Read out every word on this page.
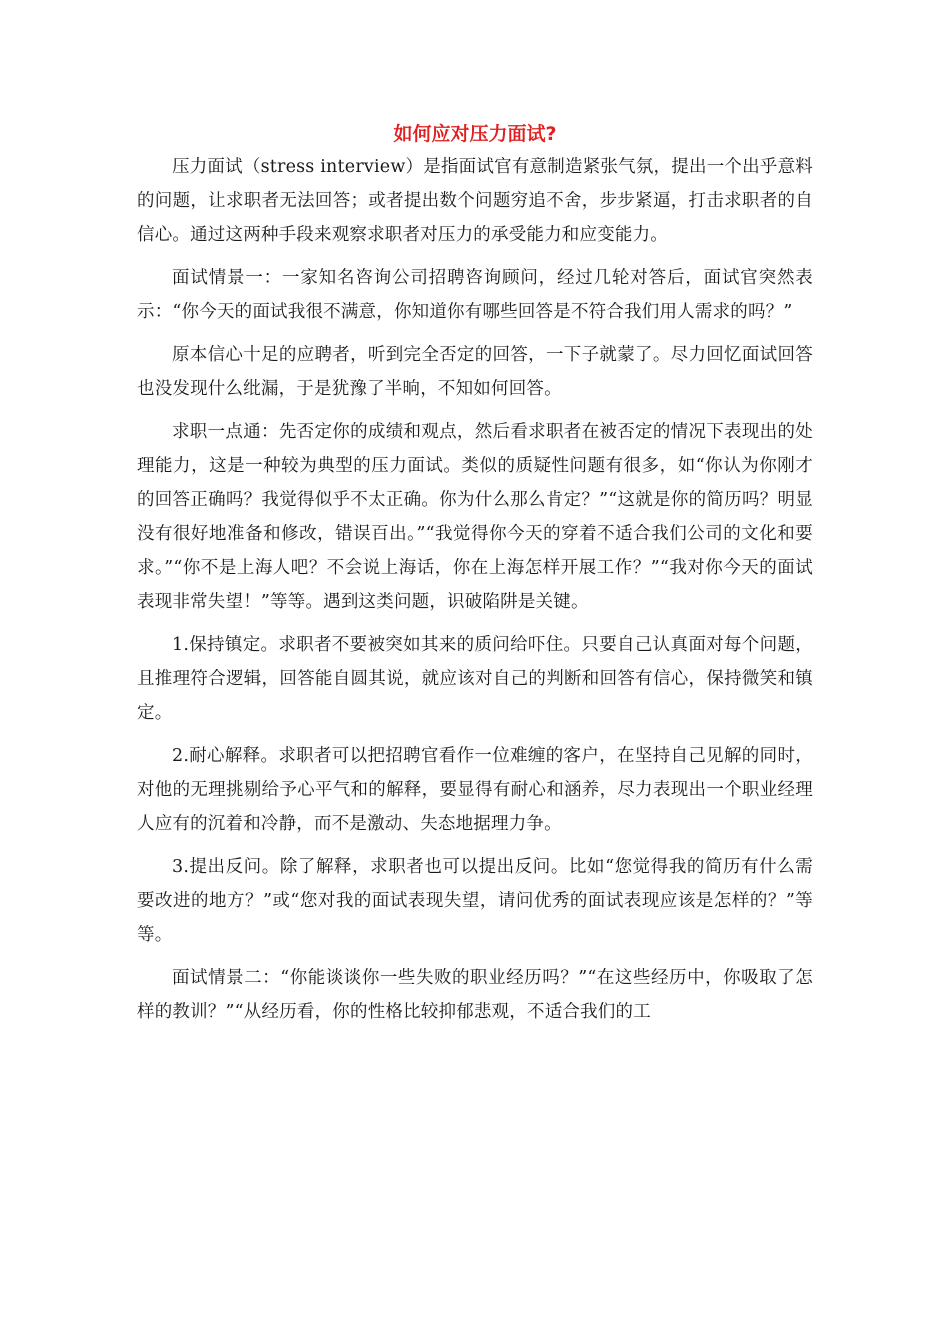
如何应对压力面试?

压力面试（stress interview）是指面试官有意制造紧张气氛，提出一个出乎意料的问题，让求职者无法回答；或者提出数个问题穷追不舍，步步紧逼，打击求职者的自信心。通过这两种手段来观察求职者对压力的承受能力和应变能力。

面试情景一：一家知名咨询公司招聘咨询顾问，经过几轮对答后，面试官突然表示：“你今天的面试我很不满意，你知道你有哪些回答是不符合我们用人需求的吗？”

原本信心十足的应聘者，听到完全否定的回答，一下子就蒙了。尽力回忆面试回答也没发现什么纰漏，于是犹豫了半晌，不知如何回答。

求职一点通：先否定你的成绩和观点，然后看求职者在被否定的情况下表现出的处理能力，这是一种较为典型的压力面试。类似的质疑性问题有很多，如“你认为你刚才的回答正确吗？我觉得似乎不太正确。你为什么那么肯定？”“这就是你的简历吗？明显没有很好地准备和修改，错误百出。”“我觉得你今天的穿着不适合我们公司的文化和要求。”“你不是上海人吧？不会说上海话，你在上海怎样开展工作？”“我对你今天的面试表现非常失望！”等等。遇到这类问题，识破陷阱是关键。

1.保持镇定。求职者不要被突如其来的质问给吓住。只要自己认真面对每个问题，且推理符合逻辑，回答能自圆其说，就应该对自己的判断和回答有信心，保持微笑和镇定。

2.耐心解释。求职者可以把招聘官看作一位难缠的客户，在坚持自己见解的同时，对他的无理挑剔给予心平气和的解释，要显得有耐心和涵养，尽力表现出一个职业经理人应有的沉着和冷静，而不是激动、失态地据理力争。

3.提出反问。除了解释，求职者也可以提出反问。比如“您觉得我的简历有什么需要改进的地方？”或“您对我的面试表现失望，请问优秀的面试表现应该是怎样的？”等等。

面试情景二：“你能谈谈你一些失败的职业经历吗？”“在这些经历中，你吸取了怎样的教训？”“从经历看，你的性格比较抑郁悲观，不适合我们的工
